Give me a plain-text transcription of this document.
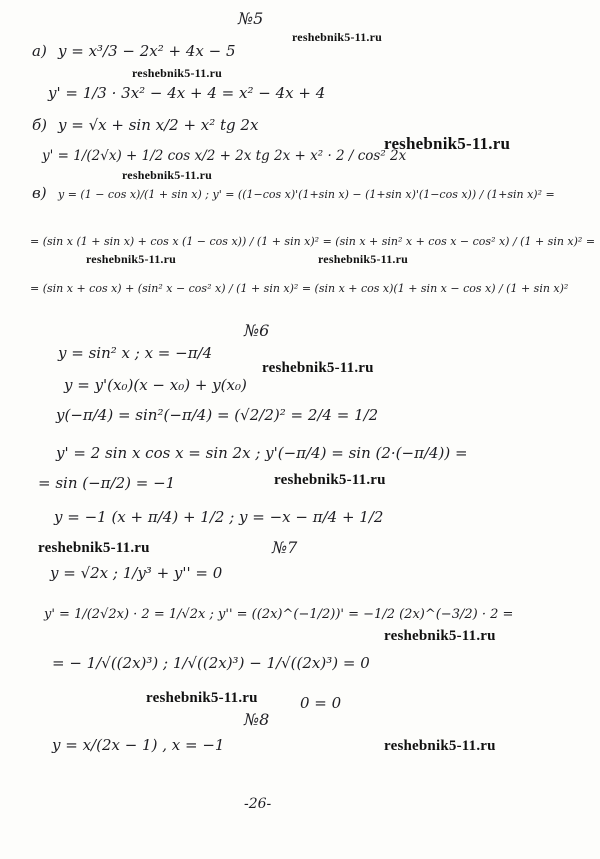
№5
№6
№7
№8
а) y = x³/3 − 2x² + 4x − 5
y' = 1/3 · 3x² − 4x + 4 = x² − 4x + 4
б) y = √x + sin x/2 + x² tg 2x
y' = 1/(2√x) + 1/2 cos x/2 + 2x tg 2x + x² · 2 / cos² 2x
в) y = (1 − cos x)/(1 + sin x) ; y' = ((1−cos x)'(1+sin x) − (1+sin x)'(1−cos x)) / (1+sin x)² =
= (sin x (1 + sin x) + cos x (1 − cos x)) / (1 + sin x)² = (sin x + sin² x + cos x − cos² x) / (1 + sin x)² =
= (sin x + cos x) + (sin² x − cos² x) / (1 + sin x)² = (sin x + cos x)(1 + sin x − cos x) / (1 + sin x)²
y = sin² x ; x = −π/4
y = y'(x₀)(x − x₀) + y(x₀)
y(−π/4) = sin²(−π/4) = (√2/2)² = 2/4 = 1/2
y' = 2 sin x cos x = sin 2x ; y'(−π/4) = sin (2·(−π/4)) =
= sin (−π/2) = −1
y = −1 (x + π/4) + 1/2 ; y = −x − π/4 + 1/2
y = √2x ; 1/y³ + y'' = 0
y' = 1/(2√2x) · 2 = 1/√2x ; y'' = ((2x)^(−1/2))' = −1/2 (2x)^(−3/2) · 2 =
= − 1/√((2x)³) ; 1/√((2x)³) − 1/√((2x)³) = 0
0 = 0
y = x/(2x − 1) , x = −1
-26-
reshebnik5-11.ru
reshebnik5-11.ru
reshebnik5-11.ru
reshebnik5-11.ru
reshebnik5-11.ru	reshebnik5-11.ru
reshebnik5-11.ru
reshebnik5-11.ru
reshebnik5-11.ru
reshebnik5-11.ru
reshebnik5-11.ru
reshebnik5-11.ru
